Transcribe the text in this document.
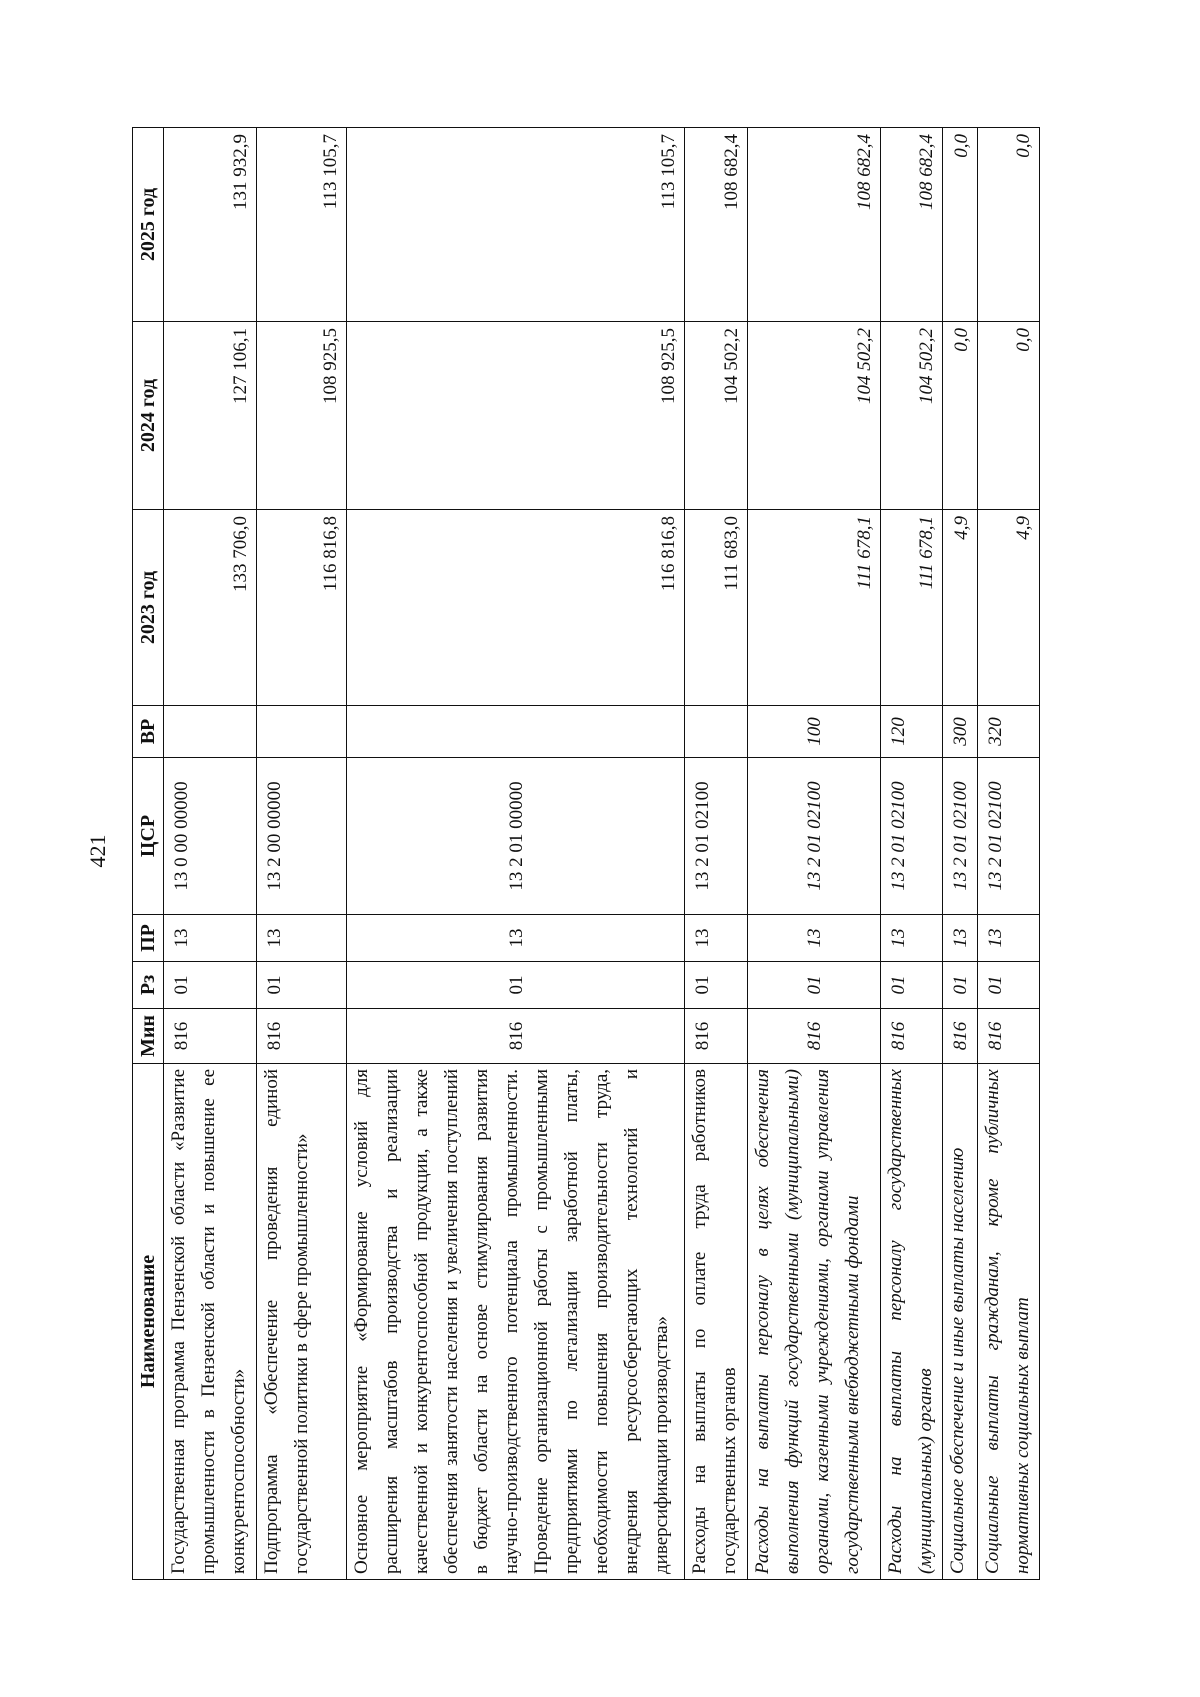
421
Наименование	Мин	Рз	ПР	ЦСР	ВР	2023 год	2024 год	2025 год
Государственная программа Пензенской области «Развитие промышленности в Пензенской области и повышение ее конкурентоспособности»	816	01	13	13 0 00 00000		133 706,0	127 106,1	131 932,9
Подпрограмма «Обеспечение проведения единой государственной политики в сфере промышленности»	816	01	13	13 2 00 00000		116 816,8	108 925,5	113 105,7
Основное мероприятие «Формирование условий для расширения масштабов производства и реализации качественной и конкурентоспособной продукции, а также обеспечения занятости населения и увеличения поступлений в бюджет области на основе стимулирования развития научно-производственного потенциала промышленности. Проведение организационной работы с промышленными предприятиями по легализации заработной платы, необходимости повышения производительности труда, внедрения ресурсосберегающих технологий и диверсификации производства»	816	01	13	13 2 01 00000		116 816,8	108 925,5	113 105,7
Расходы на выплаты по оплате труда работников государственных органов	816	01	13	13 2 01 02100		111 683,0	104 502,2	108 682,4
Расходы на выплаты персоналу в целях обеспечения выполнения функций государственными (муниципальными) органами, казенными учреждениями, органами управления государственными внебюджетными фондами	816	01	13	13 2 01 02100	100	111 678,1	104 502,2	108 682,4
Расходы на выплаты персоналу государственных (муниципальных) органов	816	01	13	13 2 01 02100	120	111 678,1	104 502,2	108 682,4
Социальное обеспечение и иные выплаты населению	816	01	13	13 2 01 02100	300	4,9	0,0	0,0
Социальные выплаты гражданам, кроме публичных нормативных социальных выплат	816	01	13	13 2 01 02100	320	4,9	0,0	0,0
